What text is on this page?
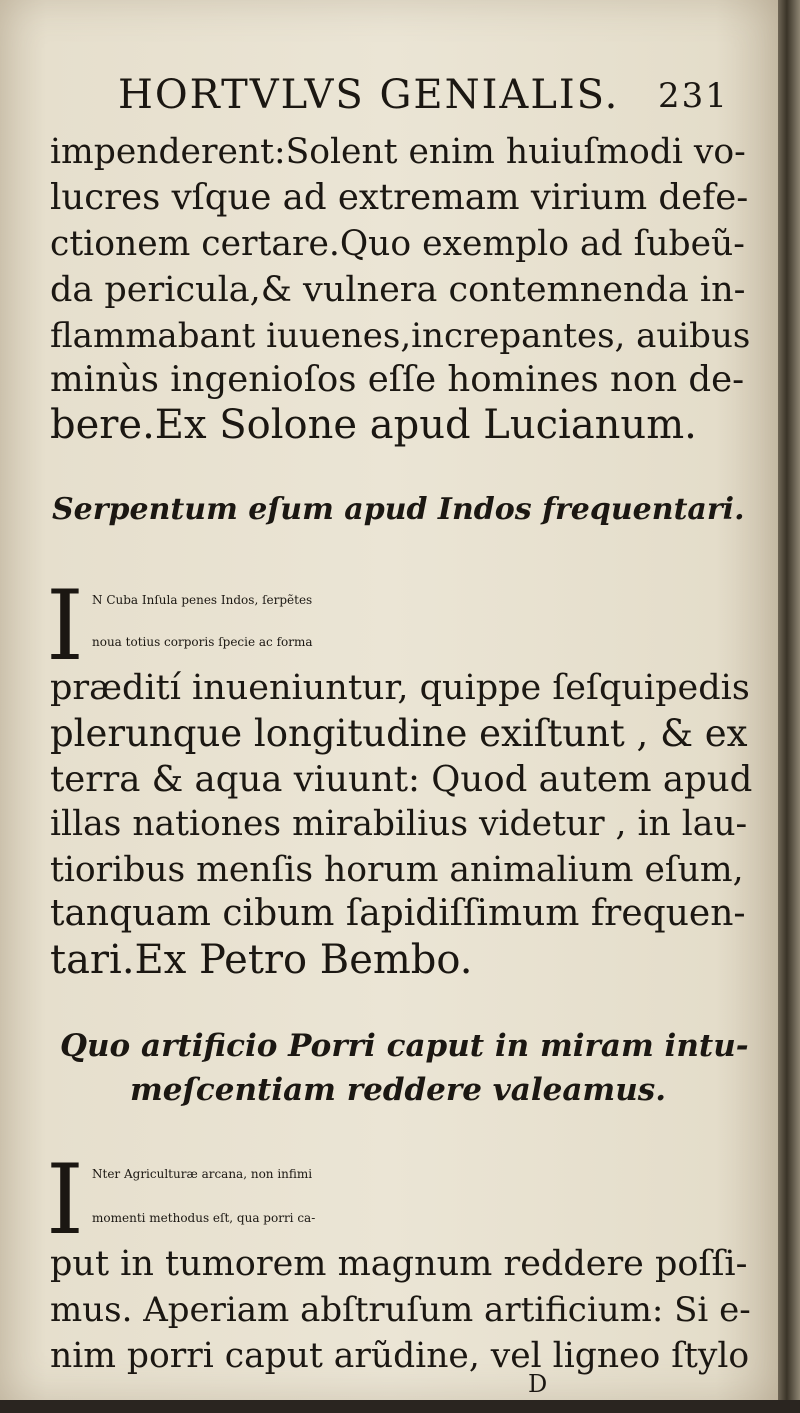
HORTVLVS GENIALIS. 231
impenderent:Solent enim huiuſmodi vo-
lucres vſque ad extremam virium defe-
ctionem certare.Quo exemplo ad ſubeũ-
da pericula,& vulnera contemnenda in-
flammabant iuuenes,increpantes, auibus
minùs ingenioſos eſſe homines non de-
bere.Ex Solone apud Lucianum.
Serpentum eſum apud Indos frequentari.
I N Cuba Inſula penes Indos, ſerpẽtes
noua totius corporis ſpecie ac forma
prædití inueniuntur, quippe ſeſquipedis
plerunque longitudine exiſtunt , & ex
terra & aqua viuunt: Quod autem apud
illas nationes mirabilius videtur , in lau-
tioribus menſis horum animalium eſum,
tanquam cibum ſapidiſſimum frequen-
tari.Ex Petro Bembo.
Quo artificio Porri caput in miram intu-
meſcentiam reddere valeamus.
I Nter Agriculturæ arcana, non infimi
momenti methodus eſt, qua porri ca-
put in tumorem magnum reddere poſſi-
mus. Aperiam abſtruſum artificium: Si e-
nim porri caput arũdine, vel ligneo ſtylo
D
